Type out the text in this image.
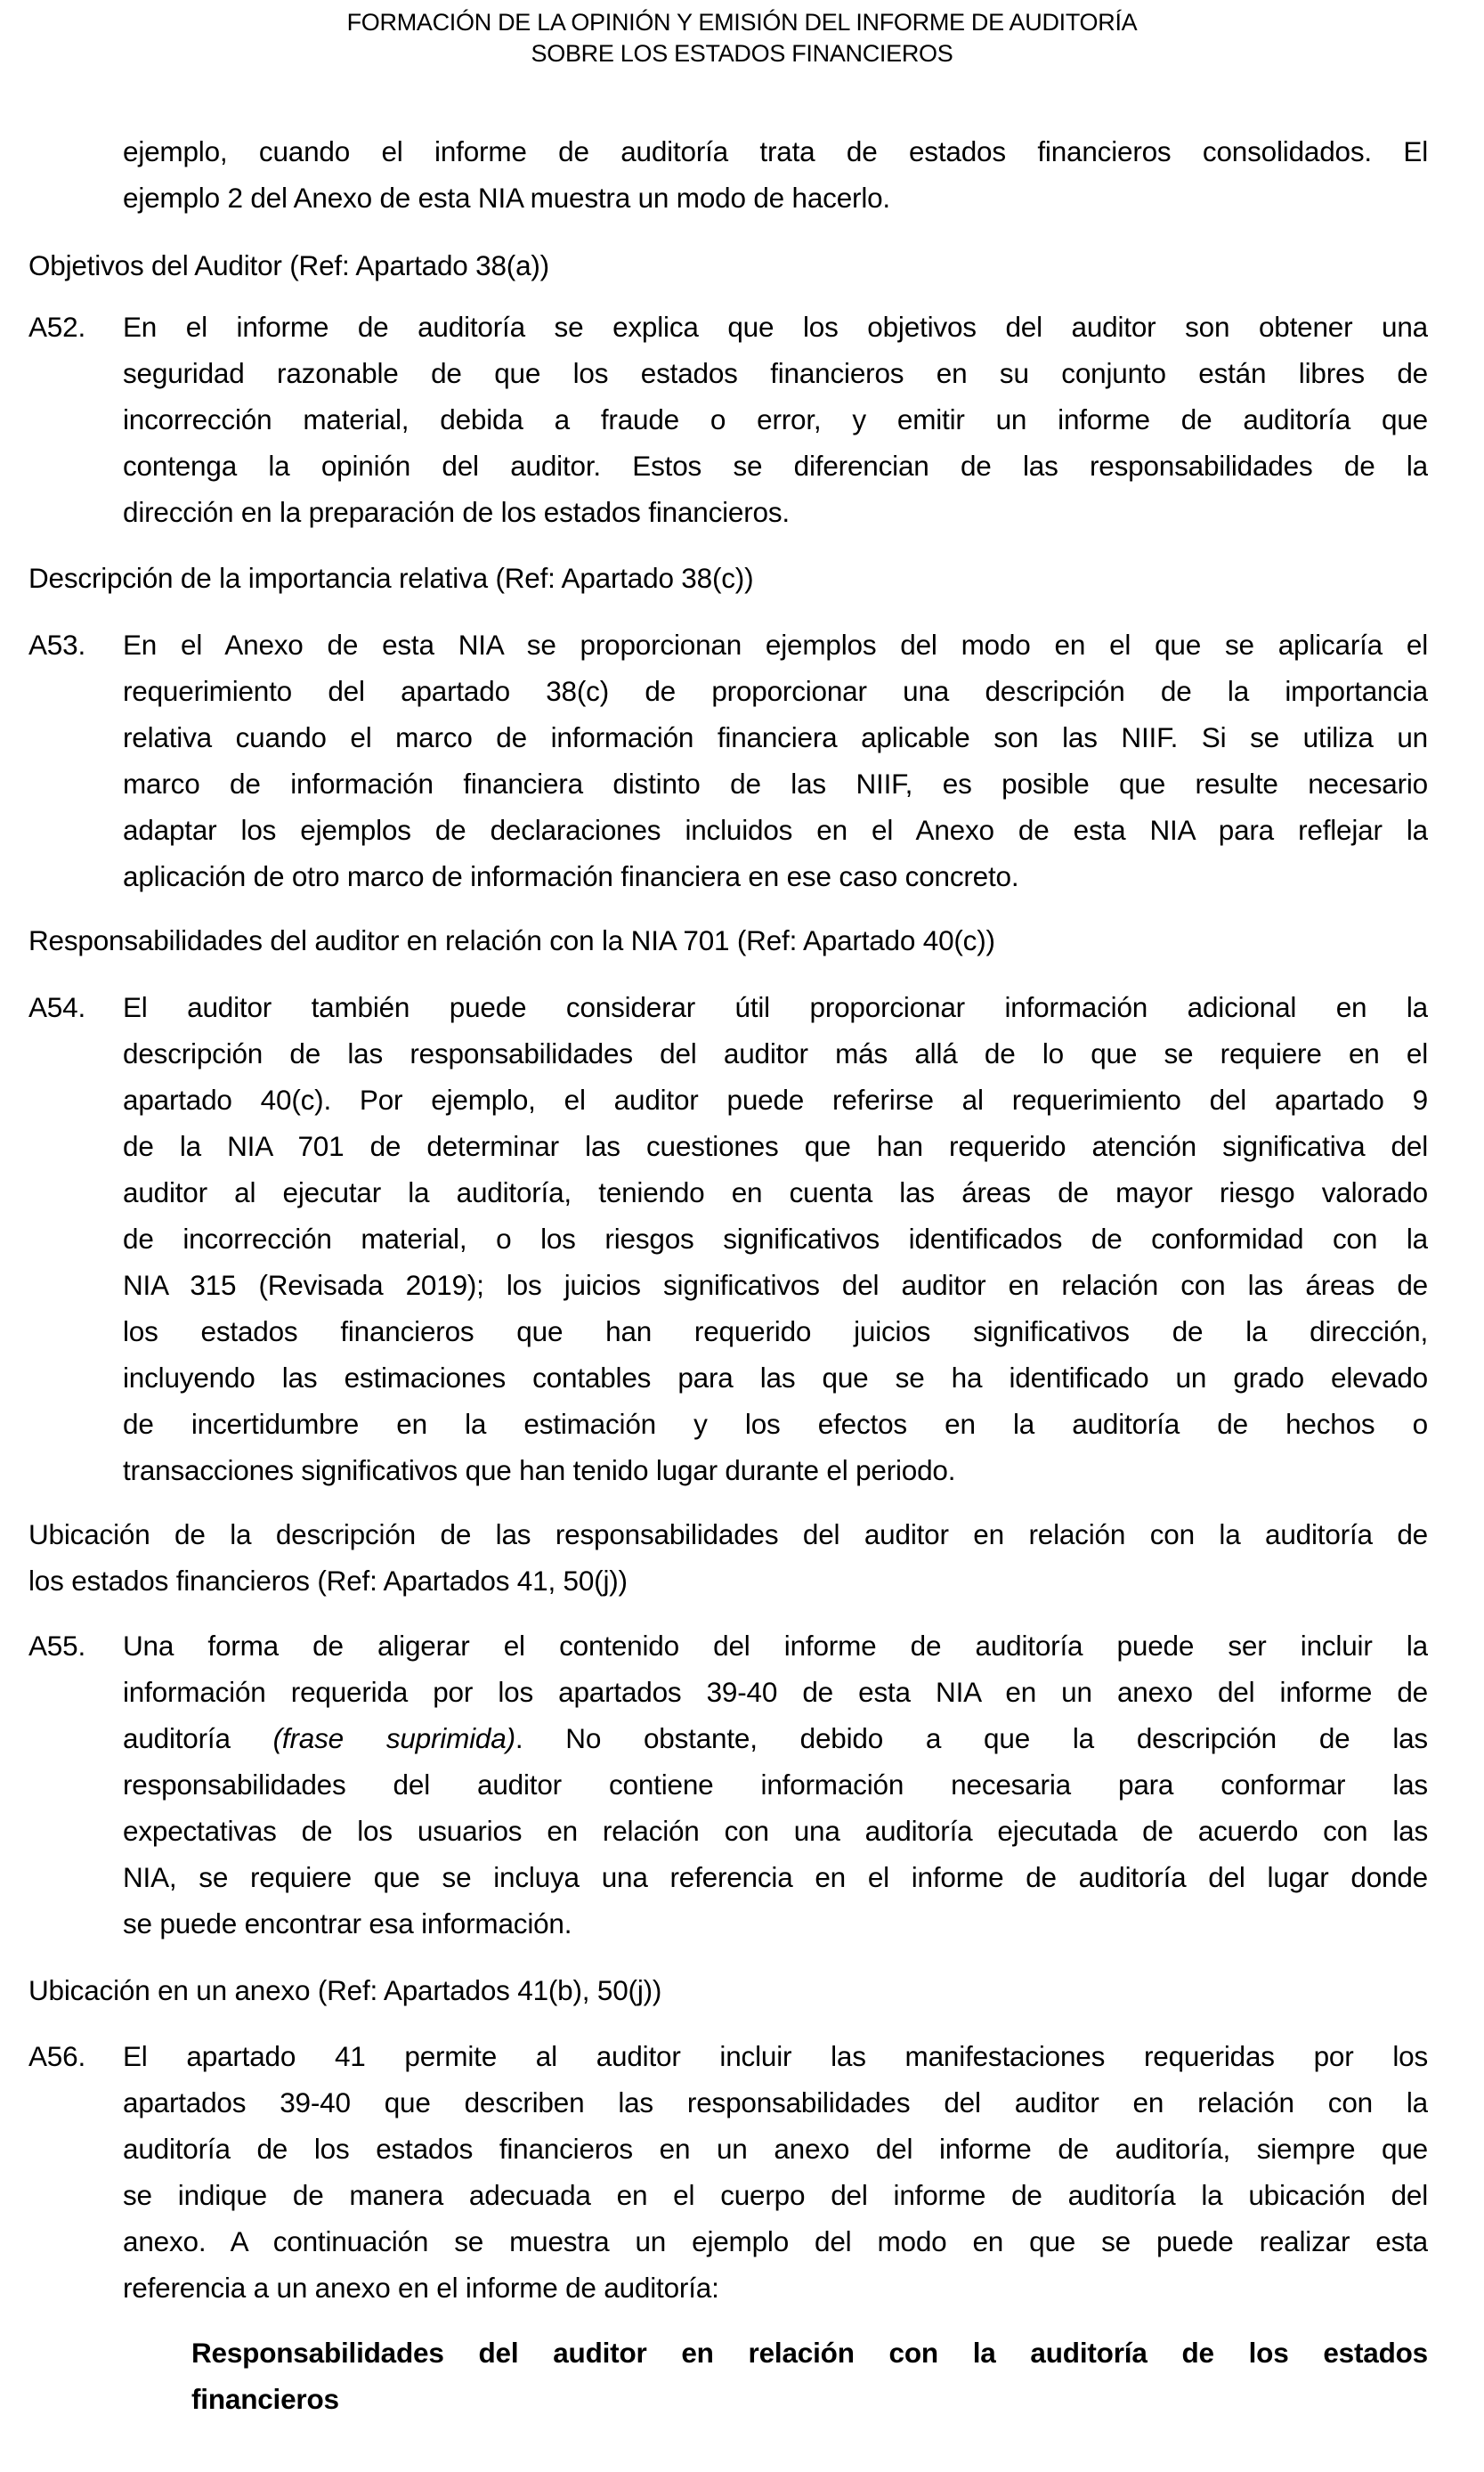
FORMACIÓN DE LA OPINIÓN Y EMISIÓN DEL INFORME DE AUDITORÍA
SOBRE LOS ESTADOS FINANCIEROS
ejemplo, cuando el informe de auditoría trata de estados financieros consolidados. El
ejemplo 2 del Anexo de esta NIA muestra un modo de hacerlo.
Objetivos del Auditor (Ref: Apartado 38(a))
A52.	En el informe de auditoría se explica que los objetivos del auditor son obtener una
seguridad razonable de que los estados financieros en su conjunto están libres de
incorrección material, debida a fraude o error, y emitir un informe de auditoría que
contenga la opinión del auditor. Estos se diferencian de las responsabilidades de la
dirección en la preparación de los estados financieros.
Descripción de la importancia relativa (Ref: Apartado 38(c))
A53.	En el Anexo de esta NIA se proporcionan ejemplos del modo en el que se aplicaría el
requerimiento del apartado 38(c) de proporcionar una descripción de la importancia
relativa cuando el marco de información financiera aplicable son las NIIF. Si se utiliza un
marco de información financiera distinto de las NIIF, es posible que resulte necesario
adaptar los ejemplos de declaraciones incluidos en el Anexo de esta NIA para reflejar la
aplicación de otro marco de información financiera en ese caso concreto.
Responsabilidades del auditor en relación con la NIA 701 (Ref: Apartado 40(c))
A54.	El auditor también puede considerar útil proporcionar información adicional en la
descripción de las responsabilidades del auditor más allá de lo que se requiere en el
apartado 40(c). Por ejemplo, el auditor puede referirse al requerimiento del apartado 9
de la NIA 701 de determinar las cuestiones que han requerido atención significativa del
auditor al ejecutar la auditoría, teniendo en cuenta las áreas de mayor riesgo valorado
de incorrección material, o los riesgos significativos identificados de conformidad con la
NIA 315 (Revisada 2019); los juicios significativos del auditor en relación con las áreas de
los estados financieros que han requerido juicios significativos de la dirección,
incluyendo las estimaciones contables para las que se ha identificado un grado elevado
de incertidumbre en la estimación y los efectos en la auditoría de hechos o
transacciones significativos que han tenido lugar durante el periodo.
Ubicación de la descripción de las responsabilidades del auditor en relación con la auditoría de
los estados financieros (Ref: Apartados 41, 50(j))
A55.	Una forma de aligerar el contenido del informe de auditoría puede ser incluir la
información requerida por los apartados 39-40 de esta NIA en un anexo del informe de
auditoría (frase suprimida). No obstante, debido a que la descripción de las
responsabilidades del auditor contiene información necesaria para conformar las
expectativas de los usuarios en relación con una auditoría ejecutada de acuerdo con las
NIA, se requiere que se incluya una referencia en el informe de auditoría del lugar donde
se puede encontrar esa información.
Ubicación en un anexo (Ref: Apartados 41(b), 50(j))
A56.	El apartado 41 permite al auditor incluir las manifestaciones requeridas por los
apartados 39-40 que describen las responsabilidades del auditor en relación con la
auditoría de los estados financieros en un anexo del informe de auditoría, siempre que
se indique de manera adecuada en el cuerpo del informe de auditoría la ubicación del
anexo. A continuación se muestra un ejemplo del modo en que se puede realizar esta
referencia a un anexo en el informe de auditoría:
Responsabilidades del auditor en relación con la auditoría de los estados
financieros
